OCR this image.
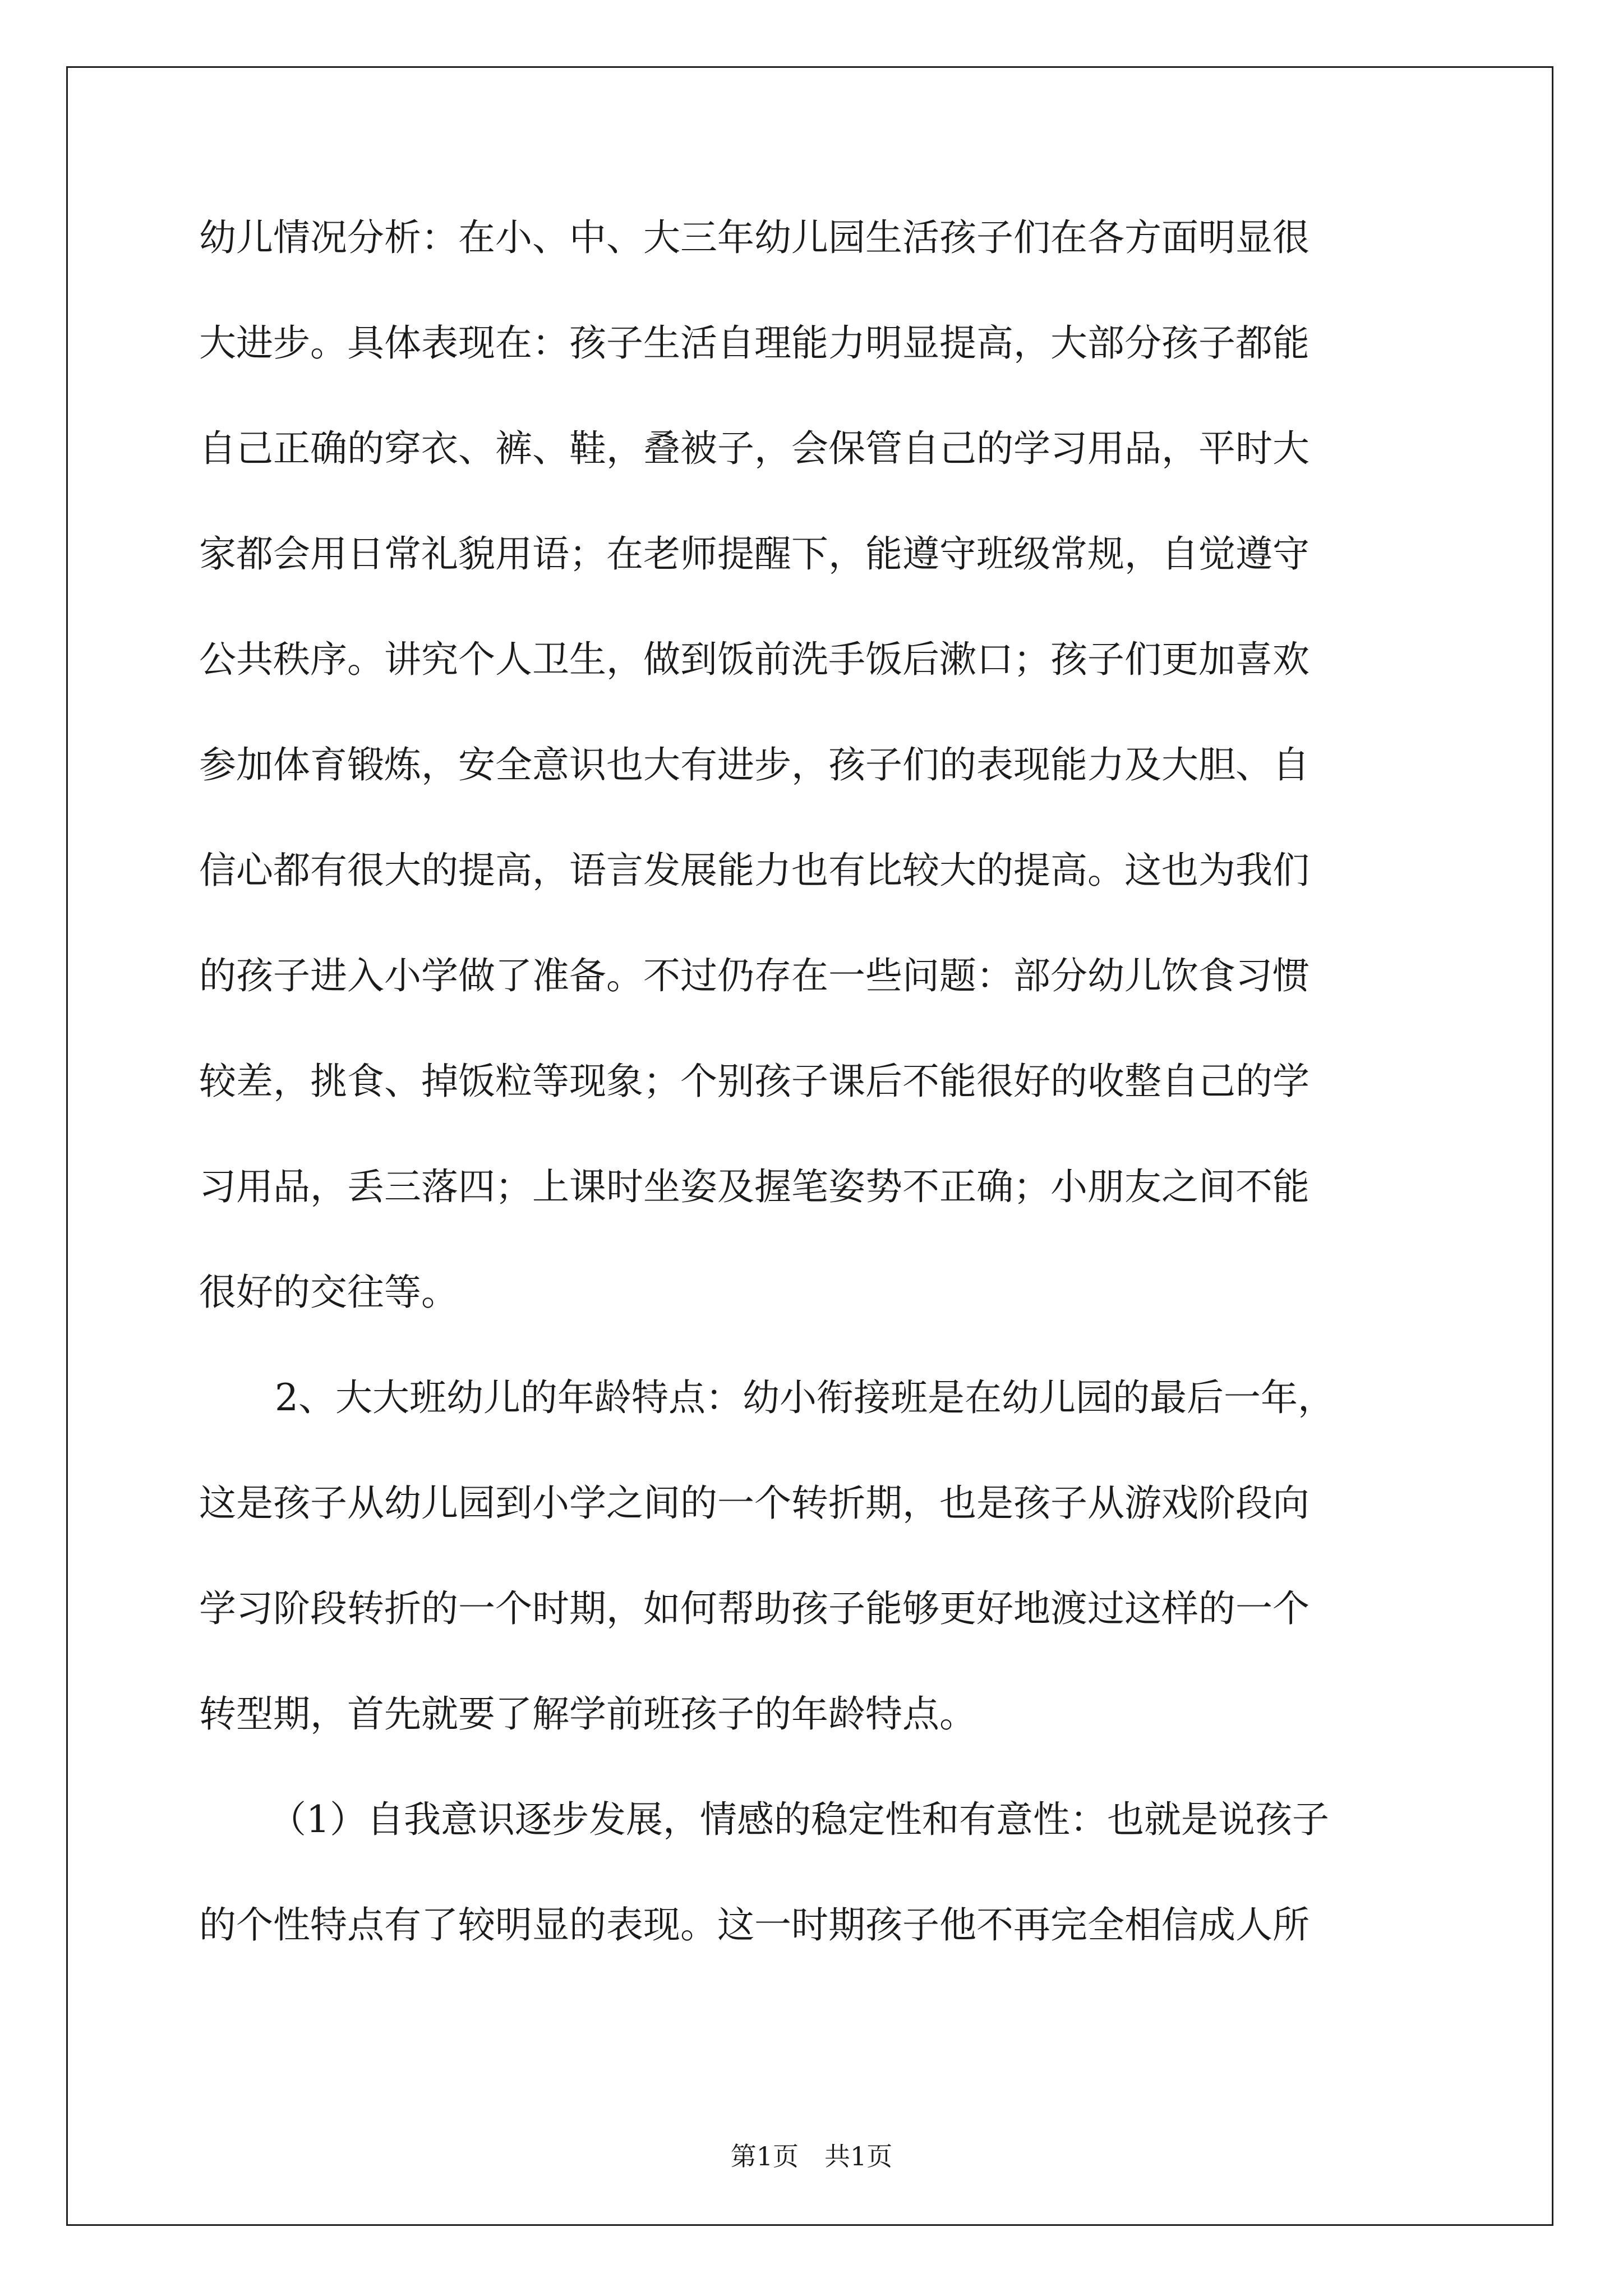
幼儿情况分析：在小、中、大三年幼儿园生活孩子们在各方面明显很

大进步。具体表现在：孩子生活自理能力明显提高，大部分孩子都能

自己正确的穿衣、裤、鞋，叠被子，会保管自己的学习用品，平时大

家都会用日常礼貌用语；在老师提醒下，能遵守班级常规，自觉遵守

公共秩序。讲究个人卫生，做到饭前洗手饭后漱口；孩子们更加喜欢

参加体育锻炼，安全意识也大有进步，孩子们的表现能力及大胆、自

信心都有很大的提高，语言发展能力也有比较大的提高。这也为我们

的孩子进入小学做了准备。不过仍存在一些问题：部分幼儿饮食习惯

较差，挑食、掉饭粒等现象；个别孩子课后不能很好的收整自己的学

习用品，丢三落四；上课时坐姿及握笔姿势不正确；小朋友之间不能

很好的交往等。

2、大大班幼儿的年龄特点：幼小衔接班是在幼儿园的最后一年，

这是孩子从幼儿园到小学之间的一个转折期，也是孩子从游戏阶段向

学习阶段转折的一个时期，如何帮助孩子能够更好地渡过这样的一个

转型期，首先就要了解学前班孩子的年龄特点。

（1）自我意识逐步发展，情感的稳定性和有意性：也就是说孩子

的个性特点有了较明显的表现。这一时期孩子他不再完全相信成人所

第1页　共1页
